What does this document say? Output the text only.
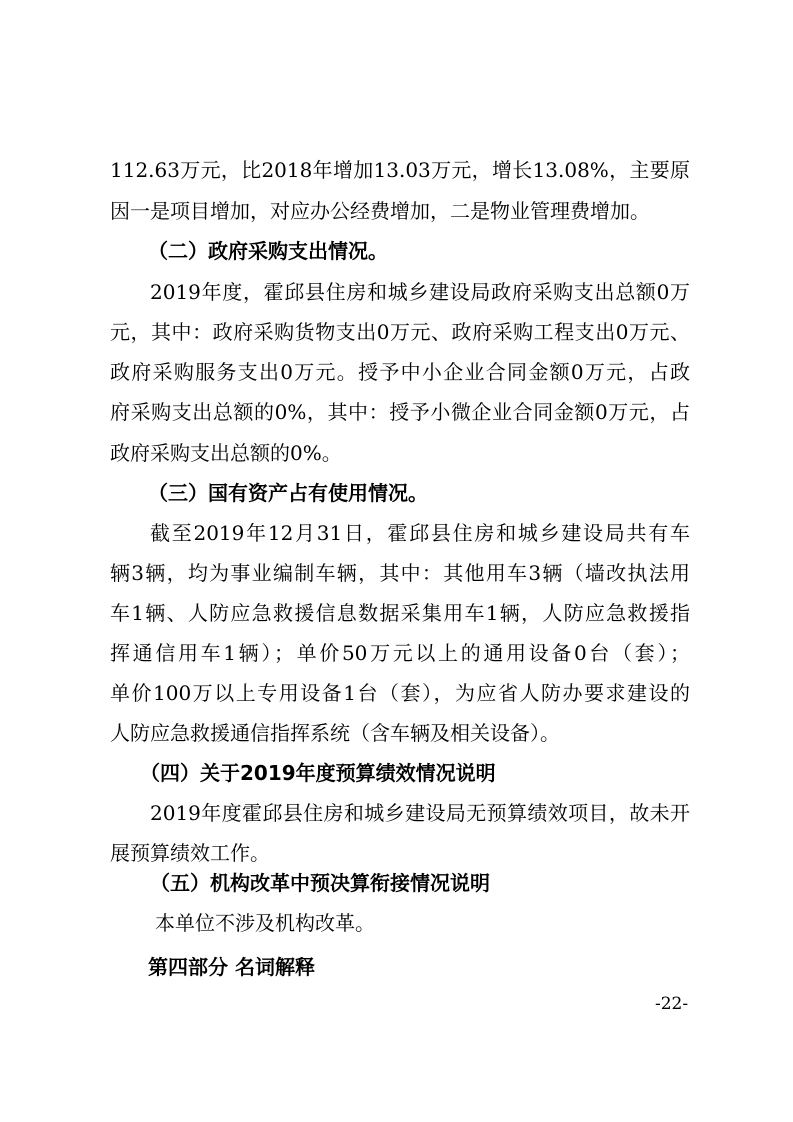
112.63万元，比2018年增加13.03万元，增长13.08%，主要原
因一是项目增加，对应办公经费增加，二是物业管理费增加。
（二）政府采购支出情况。
2019年度，霍邱县住房和城乡建设局政府采购支出总额0万
元，其中：政府采购货物支出0万元、政府采购工程支出0万元、
政府采购服务支出0万元。授予中小企业合同金额0万元，占政
府采购支出总额的0%，其中：授予小微企业合同金额0万元，占
政府采购支出总额的0%。
（三）国有资产占有使用情况。
截至2019年12月31日，霍邱县住房和城乡建设局共有车
辆3辆，均为事业编制车辆，其中：其他用车3辆（墙改执法用
车1辆、人防应急救援信息数据采集用车1辆，人防应急救援指
挥通信用车1辆）；单价50万元以上的通用设备0台（套）；
单价100万以上专用设备1台（套），为应省人防办要求建设的
人防应急救援通信指挥系统（含车辆及相关设备）。
（四）关于2019年度预算绩效情况说明
2019年度霍邱县住房和城乡建设局无预算绩效项目，故未开
展预算绩效工作。
（五）机构改革中预决算衔接情况说明
本单位不涉及机构改革。
第四部分 名词解释
-22-
